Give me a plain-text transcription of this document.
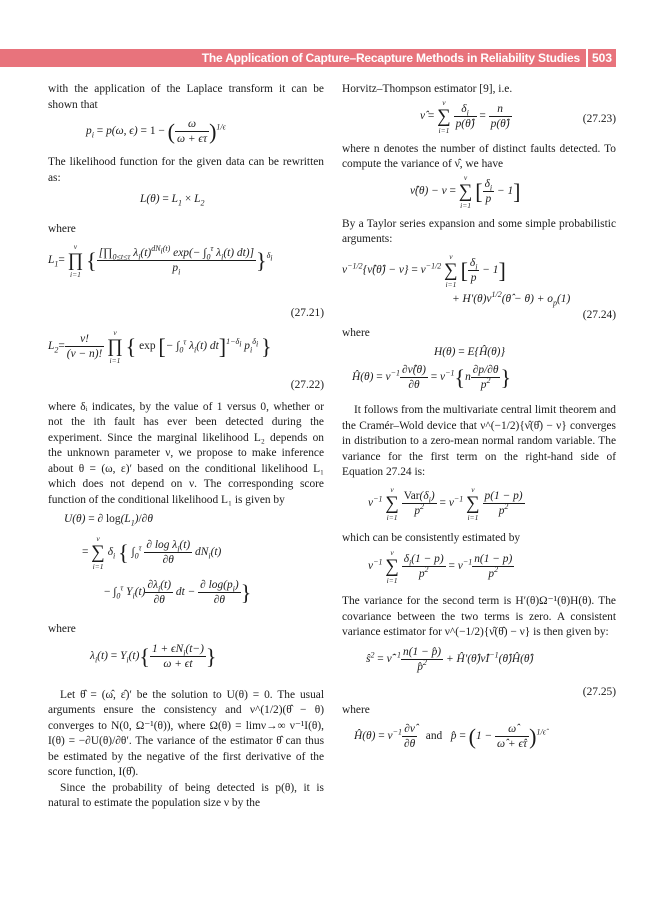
The Application of Capture–Recapture Methods in Reliability Studies 503

with the application of the Laplace transform it can be shown that

$p_i = p(\omega$, ϵ) = 1 − ( $\frac{\omega}{\omega + \epsilon\tau} )^{1/\epsilon}$

The likelihood function for the given data can be rewritten as:

$L(\theta) = L_1 \times L_2$

where

$L_1=$
ν
∏
i=1
{ $\frac{[\prod_{0\le t\le\tau} \lambda_i(t)^{dN_i(t)} \exp(- \int_0^\tau \lambda_i(t) dt)]}{p_i} \}^{\delta_i}$
(27.21)
$L_2= \frac{\nu!}{(\nu - n)!}$
	ν
∏
i=1
{ exp [− $\int_0^\tau$ $\lambda_i(t)$ dt]$^{1-\delta_i}$ $p_i^{\delta_i}$ }
(27.22)

where δᵢ indicates, by the value of 1 versus 0, whether or not the ith fault has ever been detected during the experiment. Since the marginal likelihood L₂ depends on the unknown parameter ν, we propose to make inference about θ = (ω, ε)′ based on the conditional likelihood L₁ which does not depend on ν. The corresponding score function of the conditional likelihood L₁ is given by

U(θ) = ∂ $\log(L_1)/\partial\theta$
=
ν
∑
i=1
$\delta_i$ { $\int_0^\tau \frac{\partial \log \lambda_i(t)}{\partial\theta} dN_i(t)$
− $\int_0^\tau$ $Y_i(t) \frac{\partial\lambda_i(t)}{\partial\theta}$ dt − $\frac{\partial \log(p_i)}{\partial\theta}$ }

where

$\lambda_i(t) = Y_i(t)\{ \frac{1 + \epsilon N_i(t-)}{\omega + \epsilon t}$ }

Let θ̂ = (ω̂, ε̂)′ be the solution to U(θ) = 0. The usual arguments ensure the consistency and ν^(1/2)(θ̂ − θ) converges to N(0, Ω⁻¹(θ)), where Ω(θ) = limν→∞ ν⁻¹I(θ), I(θ) = −∂U(θ)/∂θ′. The variance of the estimator θ̂ can thus be estimated by the negative of the first derivative of the score function, I(θ̂).

Since the probability of being detected is p(θ), it is natural to estimate the population size ν by the

Horvitz–Thompson estimator [9], i.e.

ν̂ =
ν
∑
i=1
$\frac{\delta_i}{p(\thetâ)} = \frac{n}{p(\thetâ)}$	(27.23)

where n denotes the number of distinct faults detected. To compute the variance of ν̂, we have

ν̂(θ) − ν =
ν
∑
i=1
[ $\frac{\delta_i}{p} - 1$]

By a Taylor series expansion and some simple probabilistic arguments:

$\nu^{-1/2}\{\nû(\thetâ) - \nu\} = \nu^{-1/2}$
ν
∑
i=1
[ $\frac{\delta_i}{p} - 1$]
+ $H'(\theta)\nu^{1/2}(\thetâ - \theta) + o_p(1)$
(27.24)

where

H(θ) = E{Ĥ(θ)}
Ĥ(θ) = $\nu^{-1} \frac{\partial\nû(\theta)}{\partial\theta} = \nu^{-1}\{n \frac{\partial p/\partial\theta}{p^2}$ }

It follows from the multivariate central limit theorem and the Cramér–Wold device that ν^(−1/2){ν̂(θ̂) − ν} converges in distribution to a zero-mean normal random variable. The variance for the first term on the right-hand side of Equation 27.24 is:

$\nu^{-1}$
ν
∑
i=1
$\frac{Var(\delta_i)}{p^2} = \nu^{-1}$
ν
∑
i=1
$\frac{p(1 - p)}{p^2}$

which can be consistently estimated by

$\nu^{-1}$
ν
∑
i=1
$\frac{\delta_i(1 - p)}{p^2} = \nu^{-1} \frac{n(1 - p)}{p^2}$

The variance for the second term is H′(θ)Ω⁻¹(θ)H(θ). The covariance between the two terms is zero. A consistent variance estimator for ν^(−1/2){ν̂(θ̂) − ν} is then given by:

$ŝ^2$ = ν̂$^{-1}$ $\frac{n(1 - p̂)}{p̂^2}$ + $Ĥ'(\thetâ)\nûI^{-1}(\thetâ)Ĥ(\thetâ)$
(27.25)

where

Ĥ(θ) = $\nu^{-1} \frac{\partial\nû}{\partial\theta}$ and   p̂ = $(1 - \frac{\omegâ}{\omegâ + \epsilon̂\tau} )^{1/\epsilon̂}$
